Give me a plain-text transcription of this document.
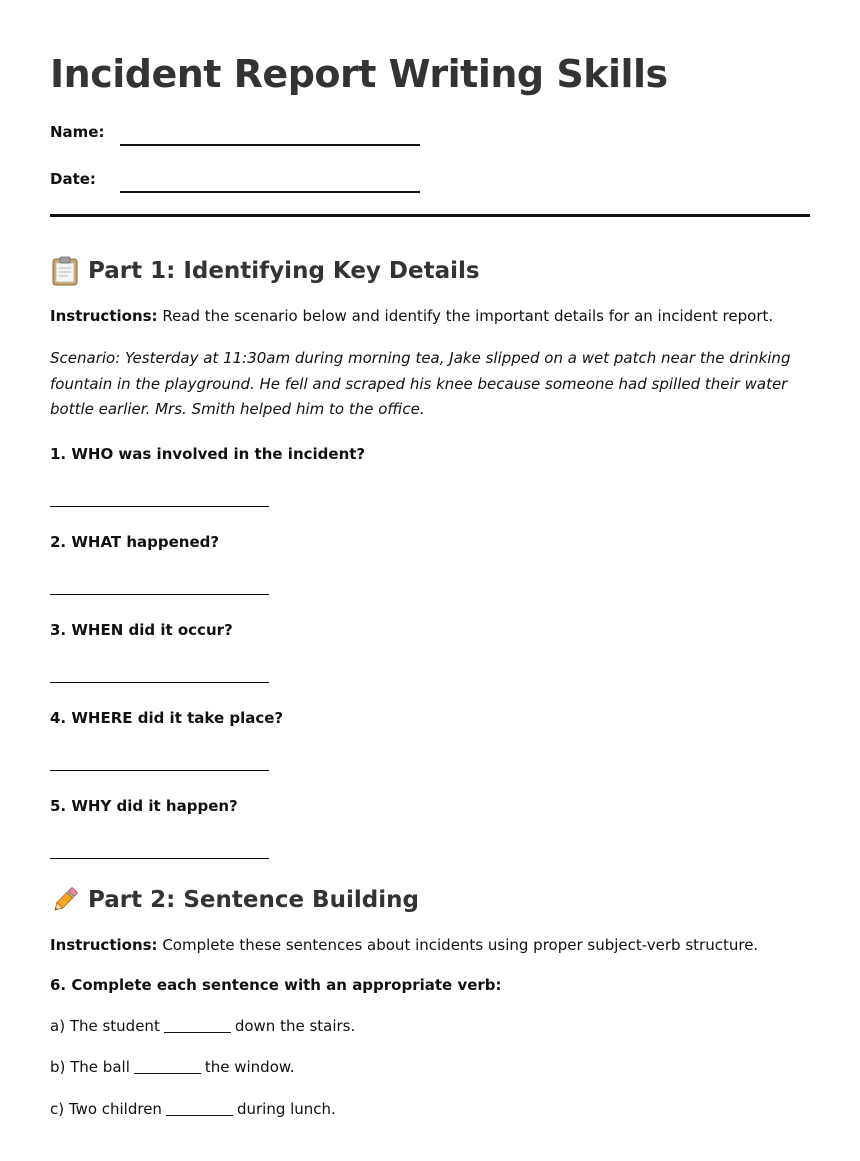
Incident Report Writing Skills
Name:
Date:
Part 1: Identifying Key Details

Instructions: Read the scenario below and identify the important details for an incident report.

Scenario: Yesterday at 11:30am during morning tea, Jake slipped on a wet patch near the drinking fountain in the playground. He fell and scraped his knee because someone had spilled their water bottle earlier. Mrs. Smith helped him to the office.

1. WHO was involved in the incident?

2. WHAT happened?

3. WHEN did it occur?

4. WHERE did it take place?

5. WHY did it happen?

Part 2: Sentence Building

Instructions: Complete these sentences about incidents using proper subject-verb structure.

6. Complete each sentence with an appropriate verb:

a) The student	down the stairs.

b) The ball	the window.

c) Two children	during lunch.
